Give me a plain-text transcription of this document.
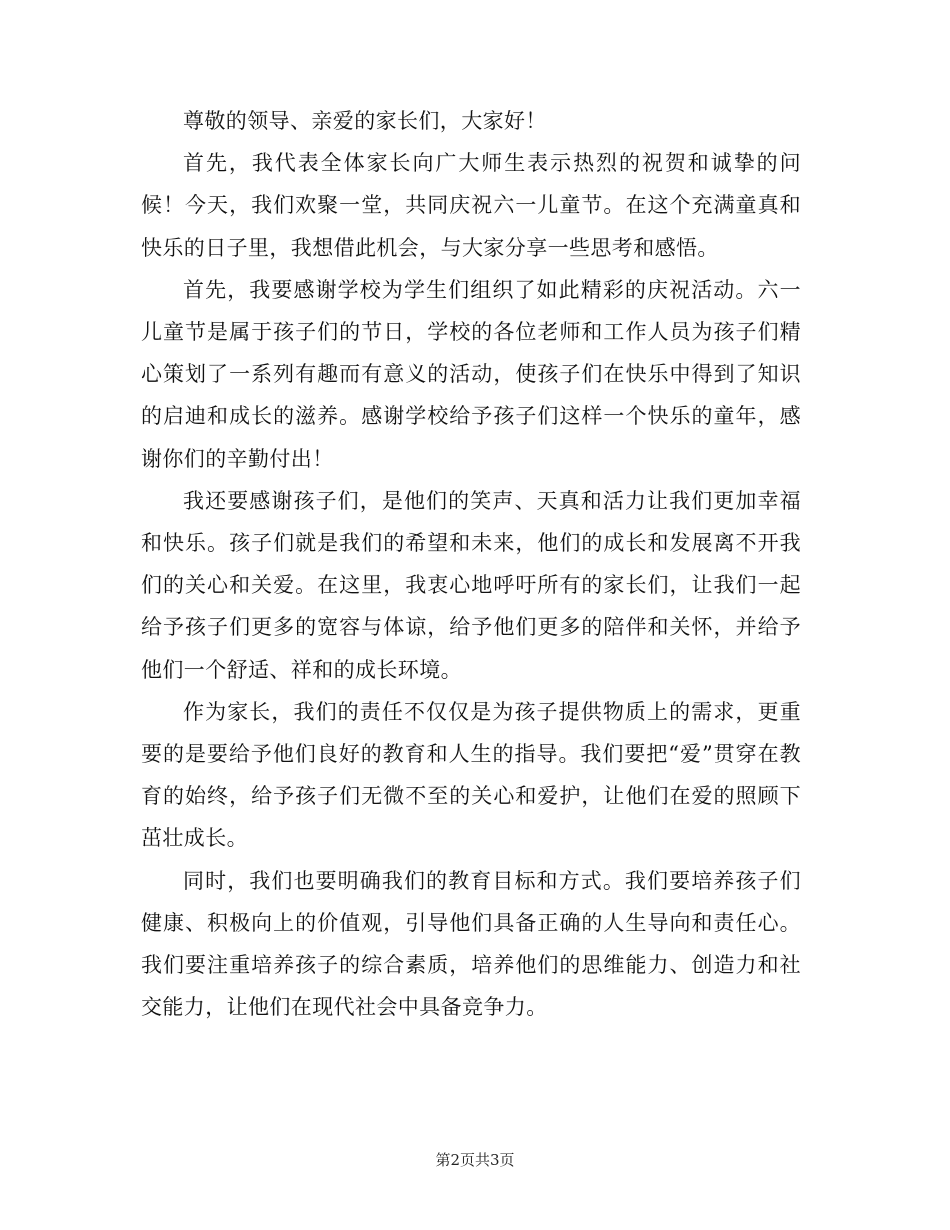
尊敬的领导、亲爱的家长们，大家好！

首先，我代表全体家长向广大师生表示热烈的祝贺和诚挚的问候！今天，我们欢聚一堂，共同庆祝六一儿童节。在这个充满童真和快乐的日子里，我想借此机会，与大家分享一些思考和感悟。

首先，我要感谢学校为学生们组织了如此精彩的庆祝活动。六一儿童节是属于孩子们的节日，学校的各位老师和工作人员为孩子们精心策划了一系列有趣而有意义的活动，使孩子们在快乐中得到了知识的启迪和成长的滋养。感谢学校给予孩子们这样一个快乐的童年，感谢你们的辛勤付出！

我还要感谢孩子们，是他们的笑声、天真和活力让我们更加幸福和快乐。孩子们就是我们的希望和未来，他们的成长和发展离不开我们的关心和关爱。在这里，我衷心地呼吁所有的家长们，让我们一起给予孩子们更多的宽容与体谅，给予他们更多的陪伴和关怀，并给予他们一个舒适、祥和的成长环境。

作为家长，我们的责任不仅仅是为孩子提供物质上的需求，更重要的是要给予他们良好的教育和人生的指导。我们要把“爱”贯穿在教育的始终，给予孩子们无微不至的关心和爱护，让他们在爱的照顾下茁壮成长。

同时，我们也要明确我们的教育目标和方式。我们要培养孩子们健康、积极向上的价值观，引导他们具备正确的人生导向和责任心。我们要注重培养孩子的综合素质，培养他们的思维能力、创造力和社交能力，让他们在现代社会中具备竞争力。

第2页共3页
